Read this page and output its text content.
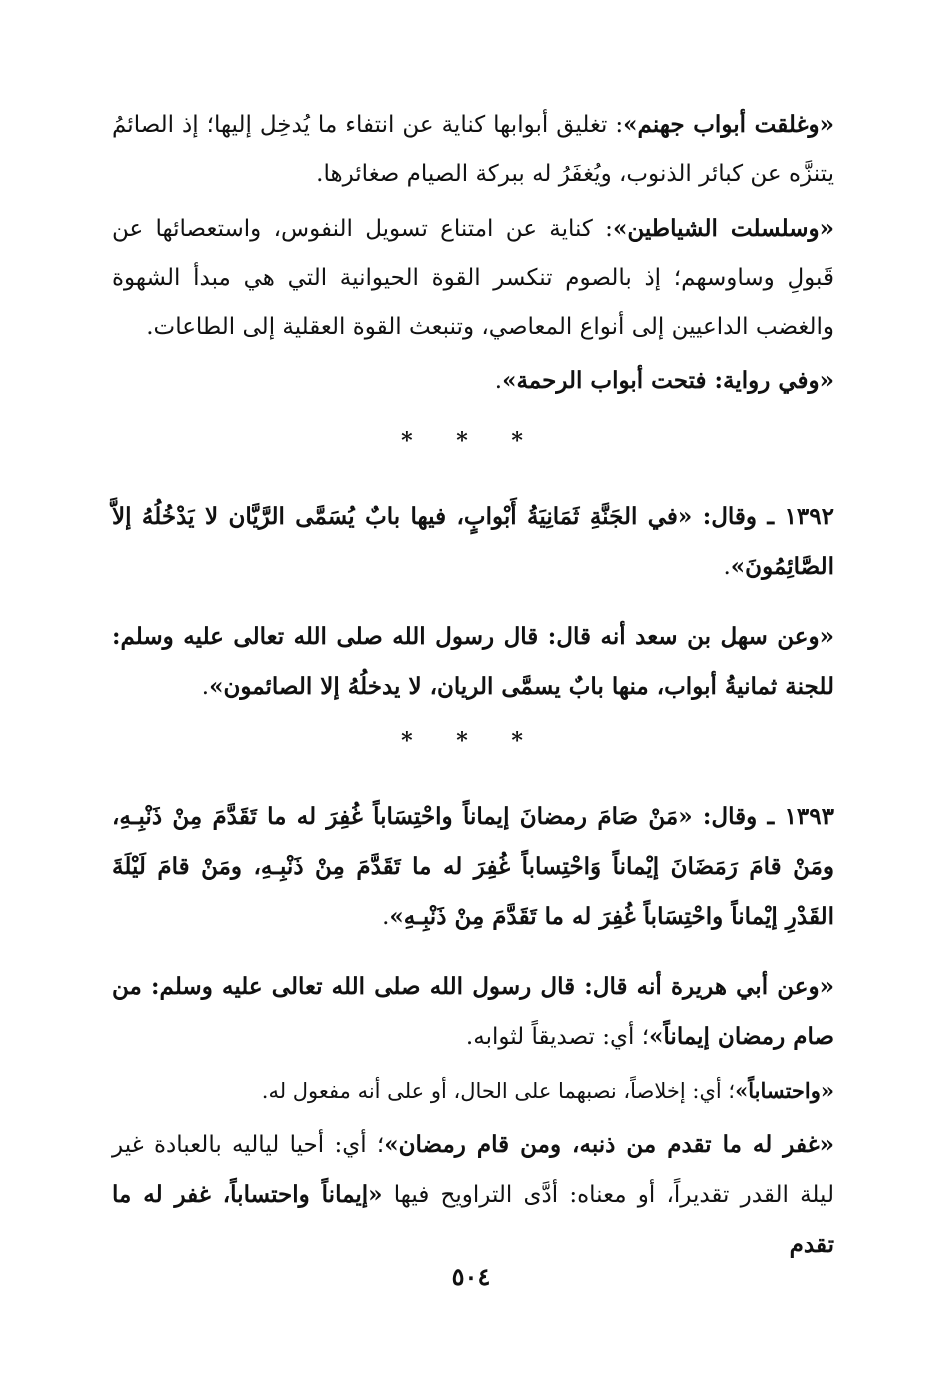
«وغلقت أبواب جهنم»: تغليق أبوابها كناية عن انتفاء ما يُدخِل إليها؛ إذ الصائمُ يتنزَّه عن كبائر الذنوب، ويُغفَرُ له ببركة الصيام صغائرها.
«وسلسلت الشياطين»: كناية عن امتناع تسويل النفوس، واستعصائها عن قَبولِ وساوسهم؛ إذ بالصوم تنكسر القوة الحيوانية التي هي مبدأ الشهوة والغضب الداعيين إلى أنواع المعاصي، وتنبعث القوة العقلية إلى الطاعات.
«وفي رواية: فتحت أبواب الرحمة».
* * *
١٣٩٢ ـ وقال: «في الجَنَّةِ ثَمَانِيَةُ أَبْوابٍ، فيها بابٌ يُسَمَّى الرَّيَّان لا يَدْخُلُهُ إلاَّ الصَّائِمُونَ».
«وعن سهل بن سعد أنه قال: قال رسول الله صلى الله تعالى عليه وسلم: للجنة ثمانيةُ أبواب، منها بابٌ يسمَّى الريان، لا يدخلُهُ إلا الصائمون».
* * *
١٣٩٣ ـ وقال: «مَنْ صَامَ رمضانَ إيماناً واحْتِسَاباً غُفِرَ له ما تَقَدَّمَ مِنْ ذَنْبِـهِ، ومَنْ قامَ رَمَضَانَ إيْماناً وَاحْتِساباً غُفِرَ له ما تَقَدَّمَ مِنْ ذَنْبِـهِ، ومَنْ قامَ لَيْلَةَ القَدْرِ إيْماناً واحْتِسَاباً غُفِرَ له ما تَقَدَّمَ مِنْ ذَنْبِـهِ».
«وعن أبي هريرة أنه قال: قال رسول الله صلى الله تعالى عليه وسلم: من صام رمضان إيماناً»؛ أي: تصديقاً لثوابه.
«واحتساباً»؛ أي: إخلاصاً، نصبهما على الحال، أو على أنه مفعول له.
«غفر له ما تقدم من ذنبه، ومن قام رمضان»؛ أي: أحيا لياليه بالعبادة غير ليلة القدر تقديراً، أو معناه: أدَّى التراويح فيها «إيماناً واحتساباً، غفر له ما تقدم
٥٠٤
